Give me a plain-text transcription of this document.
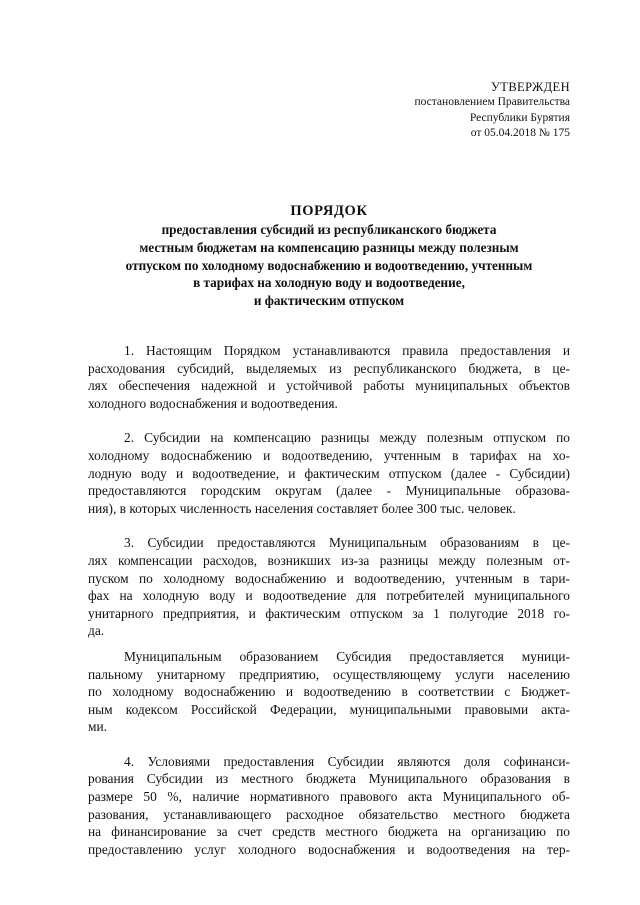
УТВЕРЖДЕН
постановлением Правительства
Республики Бурятия
от 05.04.2018 № 175
ПОРЯДОК
предоставления субсидий из республиканского бюджета
местным бюджетам на компенсацию разницы между полезным
отпуском по холодному водоснабжению и водоотведению, учтенным
в тарифах на холодную воду и водоотведение,
и фактическим отпуском
1. Настоящим Порядком устанавливаются правила предоставления и
расходования субсидий, выделяемых из республиканского бюджета, в це-
лях обеспечения надежной и устойчивой работы муниципальных объектов
холодного водоснабжения и водоотведения.
2. Субсидии на компенсацию разницы между полезным отпуском по
холодному водоснабжению и водоотведению, учтенным в тарифах на хо-
лодную воду и водоотведение, и фактическим отпуском (далее - Субсидии)
предоставляются городским округам (далее - Муниципальные образова-
ния), в которых численность населения составляет более 300 тыс. человек.
3. Субсидии предоставляются Муниципальным образованиям в це-
лях компенсации расходов, возникших из-за разницы между полезным от-
пуском по холодному водоснабжению и водоотведению, учтенным в тари-
фах на холодную воду и водоотведение для потребителей муниципального
унитарного предприятия, и фактическим отпуском за 1 полугодие 2018 го-
да.
Муниципальным образованием Субсидия предоставляется муници-
пальному унитарному предприятию, осуществляющему услуги населению
по холодному водоснабжению и водоотведению в соответствии с Бюджет-
ным кодексом Российской Федерации, муниципальными правовыми акта-
ми.
4. Условиями предоставления Субсидии являются доля софинанси-
рования Субсидии из местного бюджета Муниципального образования в
размере 50 %, наличие нормативного правового акта Муниципального об-
разования, устанавливающего расходное обязательство местного бюджета
на финансирование за счет средств местного бюджета на организацию по
предоставлению услуг холодного водоснабжения и водоотведения на тер-
